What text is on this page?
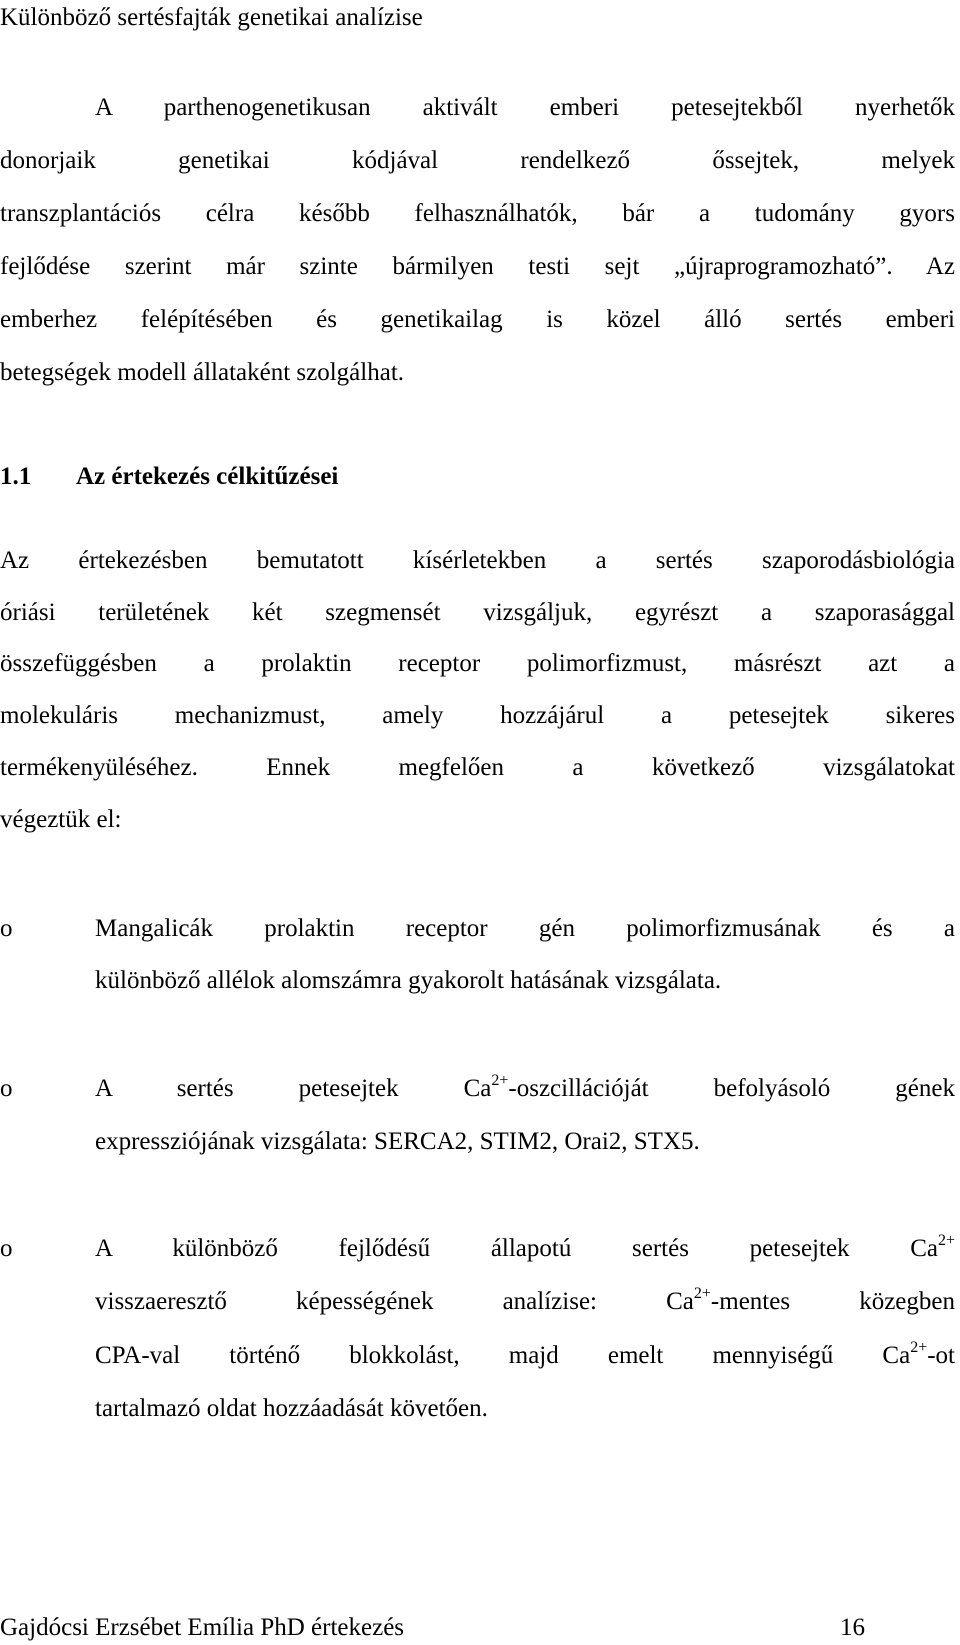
Különböző sertésfajták genetikai analízise
A parthenogenetikusan aktivált emberi petesejtekből nyerhetők
donorjaik genetikai kódjával rendelkező őssejtek, melyek
transzplantációs célra később felhasználhatók, bár a tudomány gyors
fejlődése szerint már szinte bármilyen testi sejt „újraprogramozható”. Az
emberhez felépítésében és genetikailag is közel álló sertés emberi
betegségek modell állataként szolgálhat.
1.1 Az értekezés célkitűzései
Az értekezésben bemutatott kísérletekben a sertés szaporodásbiológia
óriási területének két szegmensét vizsgáljuk, egyrészt a szaporasággal
összefüggésben a prolaktin receptor polimorfizmust, másrészt azt a
molekuláris mechanizmust, amely hozzájárul a petesejtek sikeres
termékenyüléséhez. Ennek megfelően a következő vizsgálatokat
végeztük el:
o	Mangalicák prolaktin receptor gén polimorfizmusának és a
különböző allélok alomszámra gyakorolt hatásának vizsgálata.
o	A sertés petesejtek $Ca^{2+}$-oszcillációját befolyásoló gének
expressziójának vizsgálata: SERCA2, STIM2, Orai2, STX5.
o	A különböző fejlődésű állapotú sertés petesejtek $Ca^{2+}$
visszaeresztő képességének analízise: $Ca^{2+}$-mentes közegben
CPA-val történő blokkolást, majd emelt mennyiségű $Ca^{2+}-ot$
tartalmazó oldat hozzáadását követően.
Gajdócsi Erzsébet Emília PhD értekezés	16
